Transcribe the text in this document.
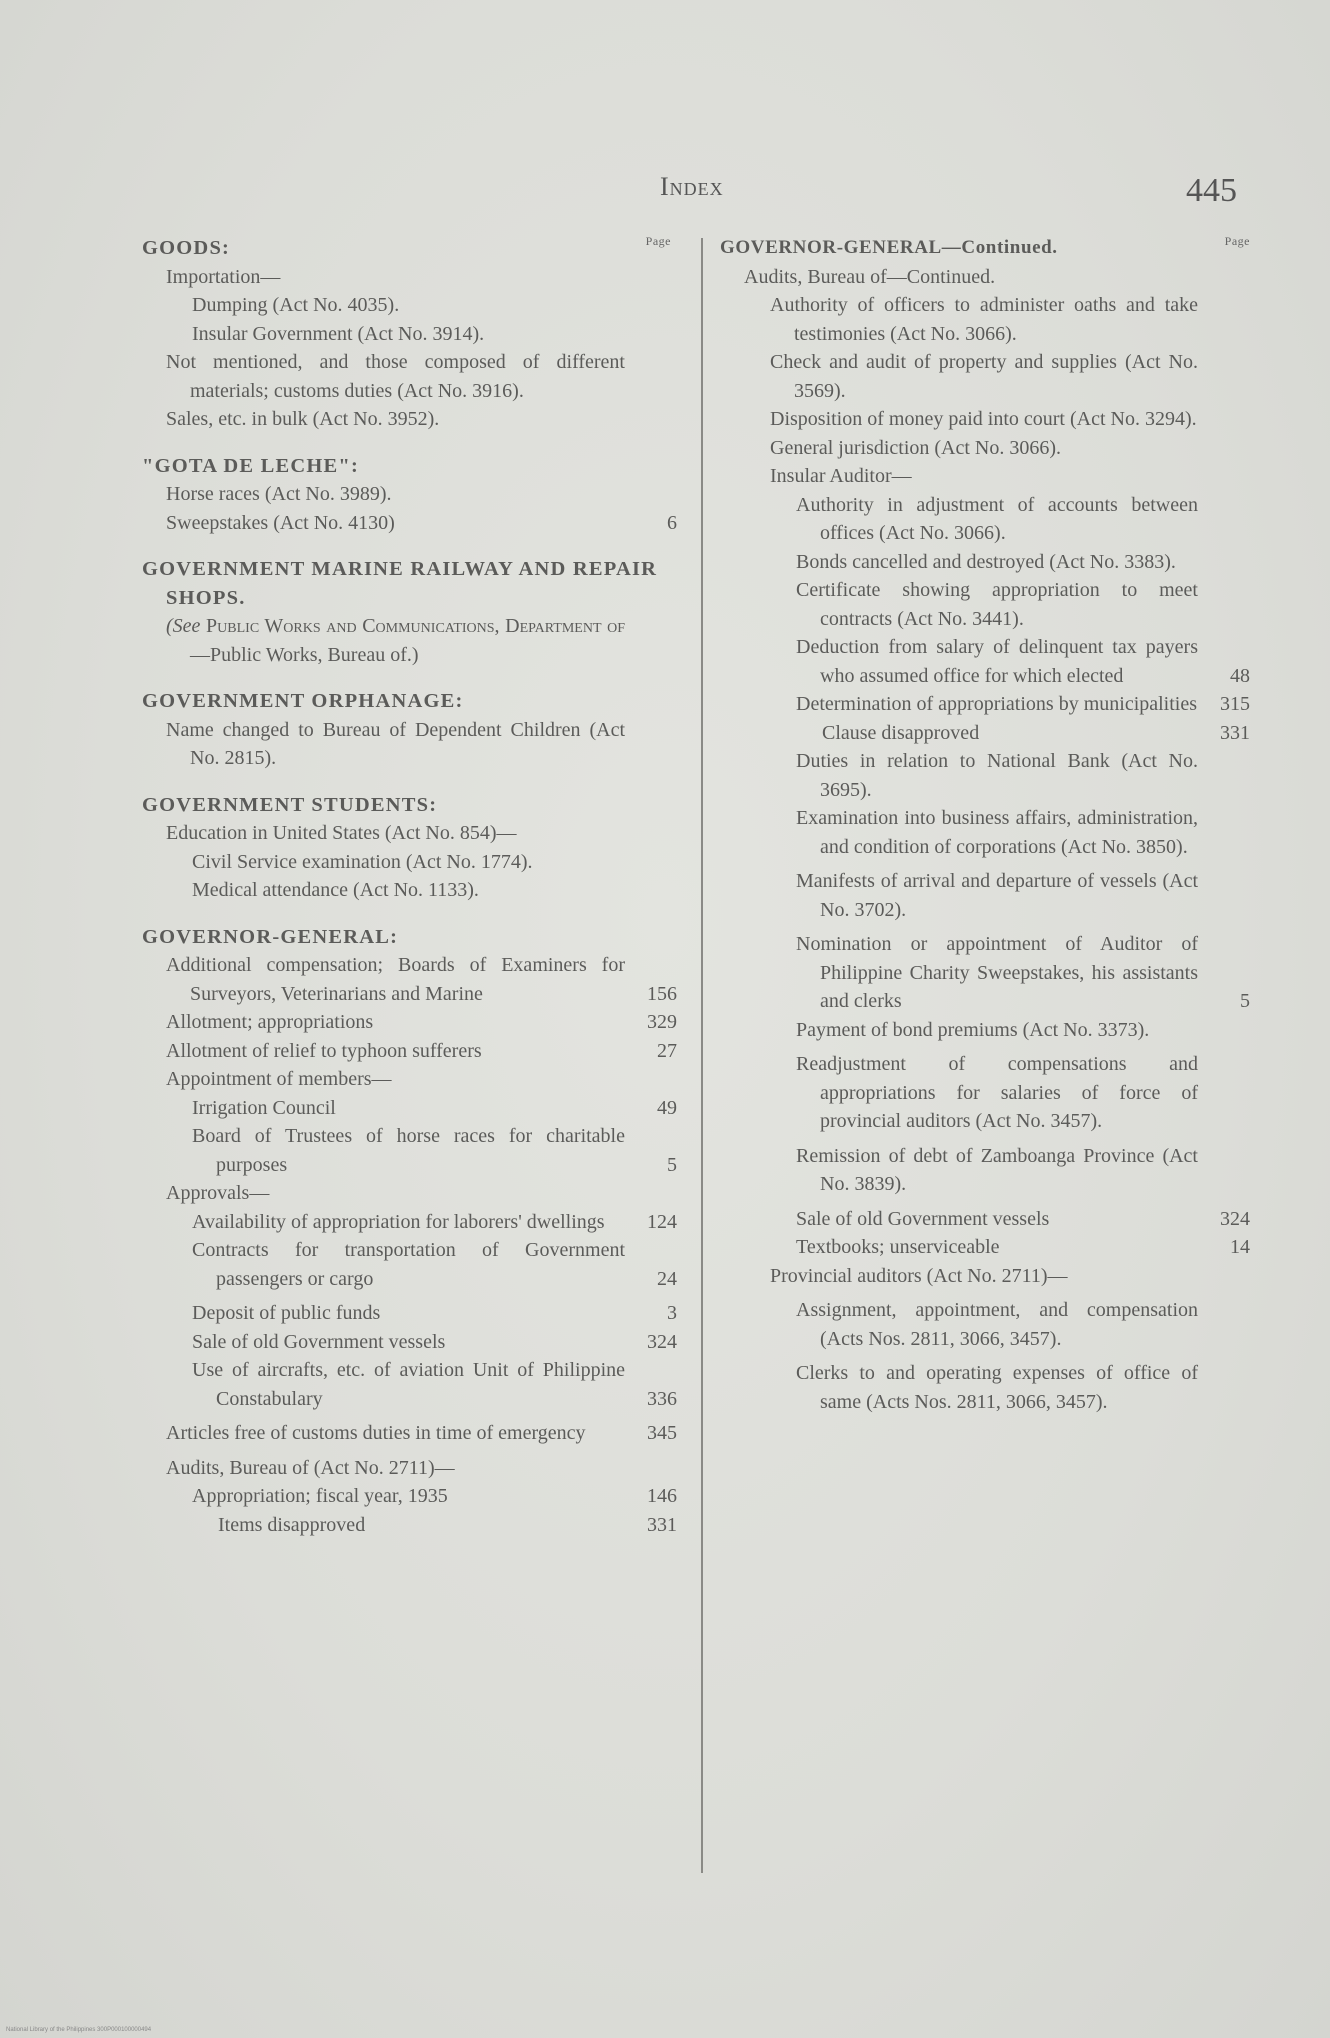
Index	445
Page
GOODS:
Importation—
Dumping (Act No. 4035).
Insular Government (Act No. 3914).
Not mentioned, and those composed of different materials; customs duties (Act No. 3916).
Sales, etc. in bulk (Act No. 3952).
"GOTA DE LECHE":
Horse races (Act No. 3989).
Sweepstakes (Act No. 4130)	6
GOVERNMENT MARINE RAILWAY AND REPAIR SHOPS.
(See Public Works and Communications, Department of—Public Works, Bureau of.)
GOVERNMENT ORPHANAGE:
Name changed to Bureau of Dependent Children (Act No. 2815).
GOVERNMENT STUDENTS:
Education in United States (Act No. 854)—
Civil Service examination (Act No. 1774).
Medical attendance (Act No. 1133).
GOVERNOR-GENERAL:
Additional compensation; Boards of Examiners for Surveyors, Veterinarians and Marine	156
Allotment; appropriations	329
Allotment of relief to typhoon sufferers	27
Appointment of members—
Irrigation Council	49
Board of Trustees of horse races for charitable purposes	5
Approvals—
Availability of appropriation for laborers' dwellings	124
Contracts for transportation of Government passengers or cargo	24
Deposit of public funds	3
Sale of old Government vessels	324
Use of aircrafts, etc. of aviation Unit of Philippine Constabulary	336
Articles free of customs duties in time of emergency	345
Audits, Bureau of (Act No. 2711)—
Appropriation; fiscal year, 1935	146
Items disapproved	331
Page
GOVERNOR-GENERAL—Continued.
Audits, Bureau of—Continued.
Authority of officers to administer oaths and take testimonies (Act No. 3066).
Check and audit of property and supplies (Act No. 3569).
Disposition of money paid into court (Act No. 3294).
General jurisdiction (Act No. 3066).
Insular Auditor—
Authority in adjustment of accounts between offices (Act No. 3066).
Bonds cancelled and destroyed (Act No. 3383).
Certificate showing appropriation to meet contracts (Act No. 3441).
Deduction from salary of delinquent tax payers who assumed office for which elected	48
Determination of appropriations by municipalities	315
Clause disapproved	331
Duties in relation to National Bank (Act No. 3695).
Examination into business affairs, administration, and condition of corporations (Act No. 3850).
Manifests of arrival and departure of vessels (Act No. 3702).
Nomination or appointment of Auditor of Philippine Charity Sweepstakes, his assistants and clerks	5
Payment of bond premiums (Act No. 3373).
Readjustment of compensations and appropriations for salaries of force of provincial auditors (Act No. 3457).
Remission of debt of Zamboanga Province (Act No. 3839).
Sale of old Government vessels	324
Textbooks; unserviceable	14
Provincial auditors (Act No. 2711)—
Assignment, appointment, and compensation (Acts Nos. 2811, 3066, 3457).
Clerks to and operating expenses of office of same (Acts Nos. 2811, 3066, 3457).
National Library of the Philippines 300P000100000494
